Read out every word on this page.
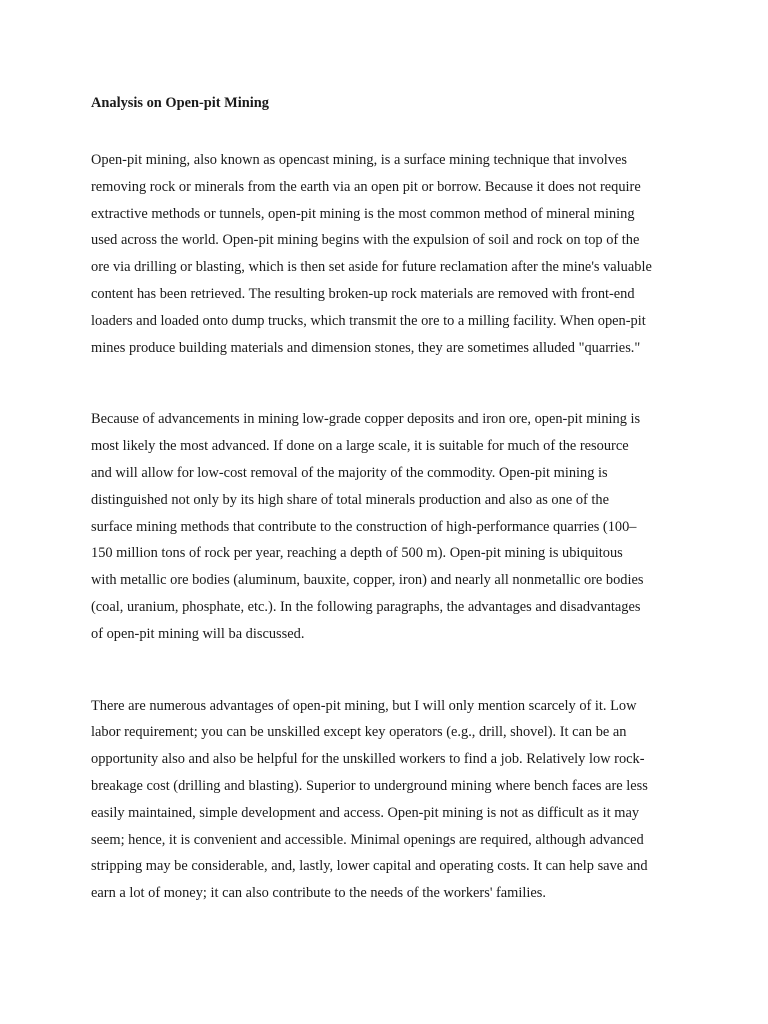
Analysis on Open-pit Mining

Open-pit mining, also known as opencast mining, is a surface mining technique that involves
removing rock or minerals from the earth via an open pit or borrow. Because it does not require
extractive methods or tunnels, open-pit mining is the most common method of mineral mining
used across the world. Open-pit mining begins with the expulsion of soil and rock on top of the
ore via drilling or blasting, which is then set aside for future reclamation after the mine's valuable
content has been retrieved. The resulting broken-up rock materials are removed with front-end
loaders and loaded onto dump trucks, which transmit the ore to a milling facility. When open-pit
mines produce building materials and dimension stones, they are sometimes alluded "quarries."

Because of advancements in mining low-grade copper deposits and iron ore, open-pit mining is
most likely the most advanced. If done on a large scale, it is suitable for much of the resource
and will allow for low-cost removal of the majority of the commodity. Open-pit mining is
distinguished not only by its high share of total minerals production and also as one of the
surface mining methods that contribute to the construction of high-performance quarries (100–
150 million tons of rock per year, reaching a depth of 500 m). Open-pit mining is ubiquitous
with metallic ore bodies (aluminum, bauxite, copper, iron) and nearly all nonmetallic ore bodies
(coal, uranium, phosphate, etc.). In the following paragraphs, the advantages and disadvantages
of open-pit mining will ba discussed.

There are numerous advantages of open-pit mining, but I will only mention scarcely of it. Low
labor requirement; you can be unskilled except key operators (e.g., drill, shovel). It can be an
opportunity also and also be helpful for the unskilled workers to find a job. Relatively low rock-
breakage cost (drilling and blasting). Superior to underground mining where bench faces are less
easily maintained, simple development and access. Open-pit mining is not as difficult as it may
seem; hence, it is convenient and accessible. Minimal openings are required, although advanced
stripping may be considerable, and, lastly, lower capital and operating costs. It can help save and
earn a lot of money; it can also contribute to the needs of the workers' families.
